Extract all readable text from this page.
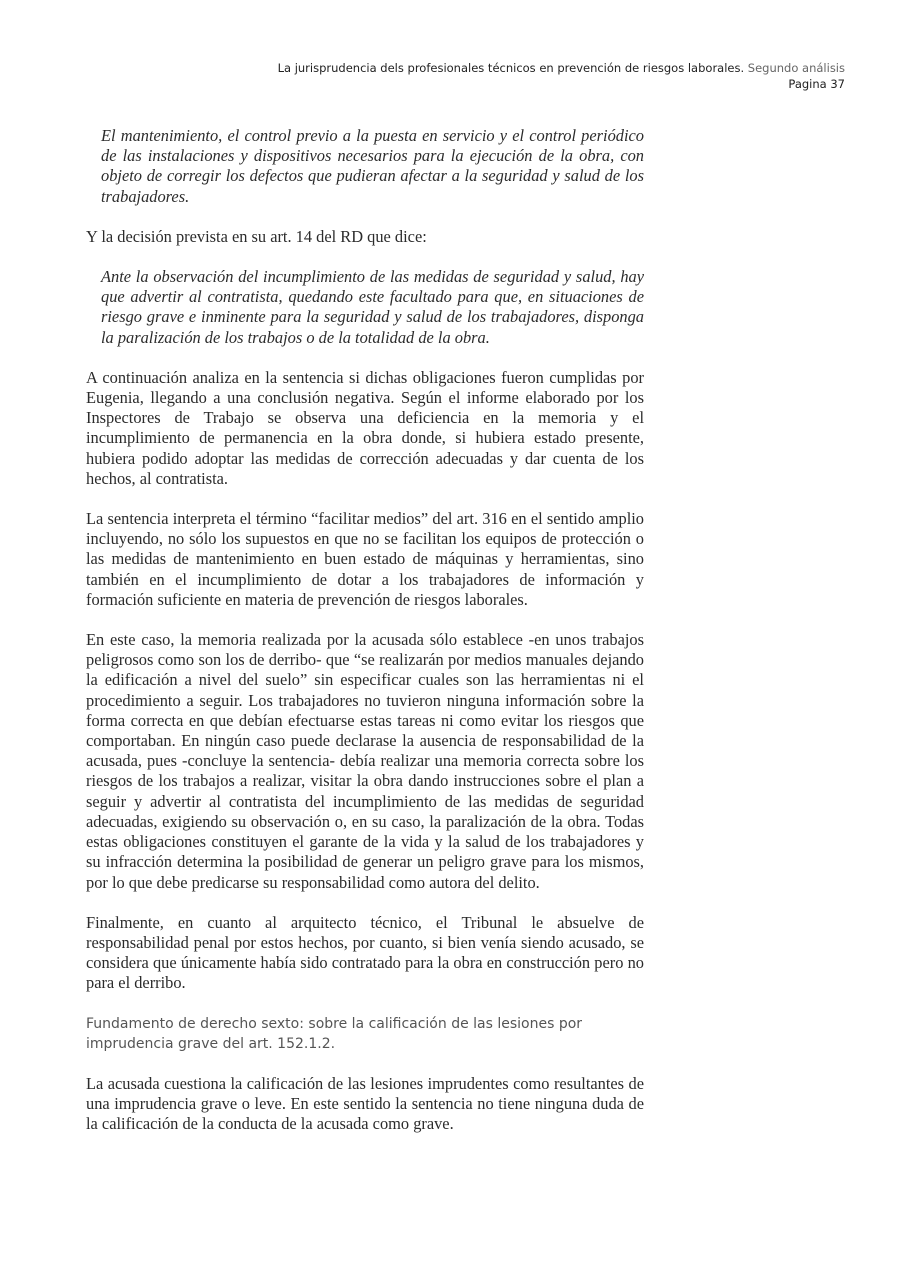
La jurisprudencia dels profesionales técnicos en prevención de riesgos laborales. Segundo análisis
Pagina 37

El mantenimiento, el control previo a la puesta en servicio y el control periódico de las instalaciones y dispositivos necesarios para la ejecución de la obra, con objeto de corregir los defectos que pudieran afectar a la seguridad y salud de los trabajadores.

Y la decisión prevista en su art. 14 del RD que dice:

Ante la observación del incumplimiento de las medidas de seguridad y salud, hay que advertir al contratista, quedando este facultado para que, en situaciones de riesgo grave e inminente para la seguridad y salud de los trabajadores, disponga la paralización de los trabajos o de la totalidad de la obra.

A continuación analiza en la sentencia si dichas obligaciones fueron cumplidas por Eugenia, llegando a una conclusión negativa. Según el informe elaborado por los Inspectores de Trabajo se observa una deficiencia en la memoria y el incumplimiento de permanencia en la obra donde, si hubiera estado presente, hubiera podido adoptar las medidas de corrección adecuadas y dar cuenta de los hechos, al contratista.

La sentencia interpreta el término “facilitar medios” del art. 316 en el sentido amplio incluyendo, no sólo los supuestos en que no se facilitan los equipos de protección o las medidas de mantenimiento en buen estado de máquinas y herramientas, sino también en el incumplimiento de dotar a los trabajadores de información y formación suficiente en materia de prevención de riesgos laborales.

En este caso, la memoria realizada por la acusada sólo establece -en unos trabajos peligrosos como son los de derribo- que “se realizarán por medios manuales dejando la edificación a nivel del suelo” sin especificar cuales son las herramientas ni el procedimiento a seguir. Los trabajadores no tuvieron ninguna información sobre la forma correcta en que debían efectuarse estas tareas ni como evitar los riesgos que comportaban. En ningún caso puede declarase la ausencia de responsabilidad de la acusada, pues -concluye la sentencia- debía realizar una memoria correcta sobre los riesgos de los trabajos a realizar, visitar la obra dando instrucciones sobre el plan a seguir y advertir al contratista del incumplimiento de las medidas de seguridad adecuadas, exigiendo su observación o, en su caso, la paralización de la obra. Todas estas obligaciones constituyen el garante de la vida y la salud de los trabajadores y su infracción determina la posibilidad de generar un peligro grave para los mismos, por lo que debe predicarse su responsabilidad como autora del delito.

Finalmente, en cuanto al arquitecto técnico, el Tribunal le absuelve de responsabilidad penal por estos hechos, por cuanto, si bien venía siendo acusado, se considera que únicamente había sido contratado para la obra en construcción pero no para el derribo.

Fundamento de derecho sexto: sobre la calificación de las lesiones por imprudencia grave del art. 152.1.2.

La acusada cuestiona la calificación de las lesiones imprudentes como resultantes de una imprudencia grave o leve. En este sentido la sentencia no tiene ninguna duda de la calificación de la conducta de la acusada como grave.
